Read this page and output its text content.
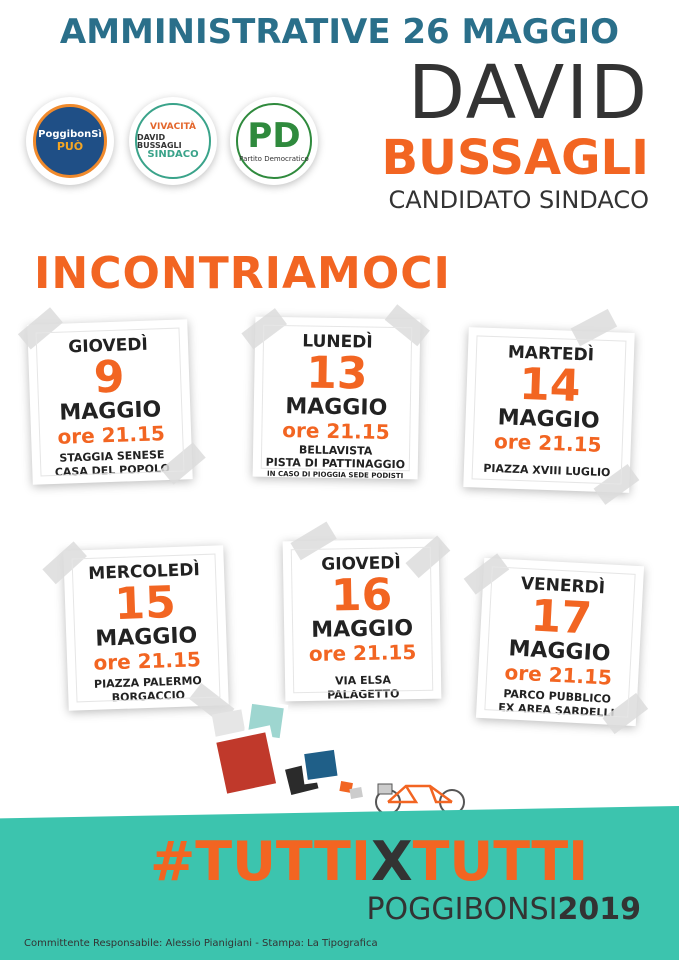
AMMINISTRATIVE 26 MAGGIO
PoggibonSì
PUÒ
VIVACITÀ
DAVID BUSSAGLI
SINDACO PD
Partito Democratico
DAVID
BUSSAGLI
CANDIDATO SINDACO
INCONTRIAMOCI
GIOVEDÌ
9
MAGGIO
ore 21.15
STAGGIA SENESE
CASA DEL POPOLO
LUNEDÌ
13
MAGGIO
ore 21.15
BELLAVISTA
PISTA DI PATTINAGGIO
IN CASO DI PIOGGIA SEDE PODISTI
MARTEDÌ
14
MAGGIO
ore 21.15
PIAZZA XVIII LUGLIO
MERCOLEDÌ
15
MAGGIO
ore 21.15
PIAZZA PALERMO
BORGACCIO
GIOVEDÌ
16
MAGGIO
ore 21.15
VIA ELSA
PALAGETTO
VENERDÌ
17
MAGGIO
ore 21.15
PARCO PUBBLICO
EX AREA SARDELLI
#TUTTIXTUTTI
POGGIBONSI2019
Committente Responsabile: Alessio Pianigiani - Stampa: La Tipografica
